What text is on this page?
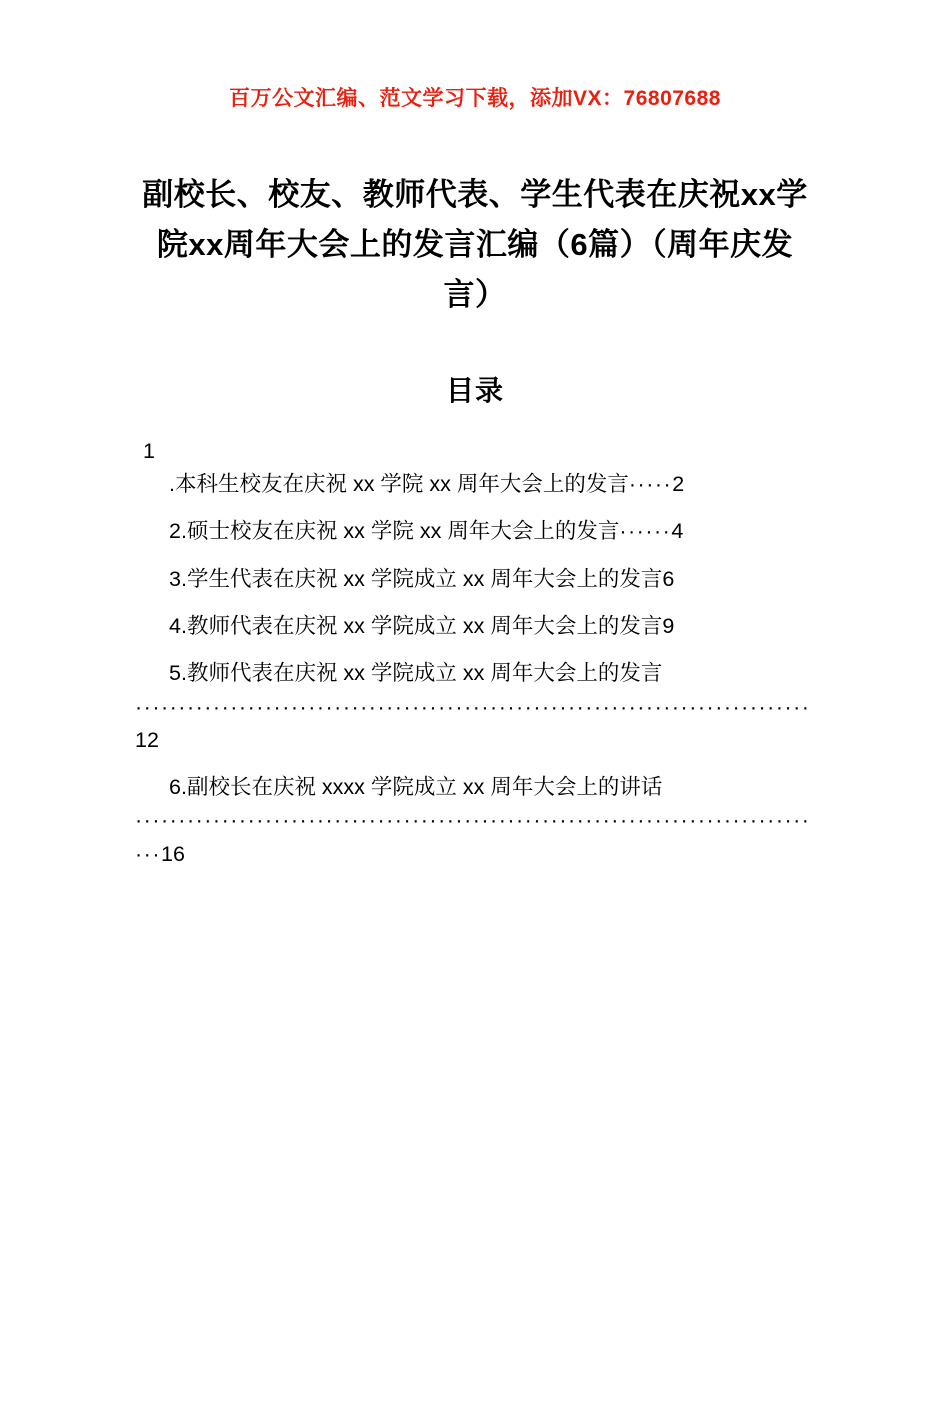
百万公文汇编、范文学习下载，添加VX：76807688
副校长、校友、教师代表、学生代表在庆祝xx学院xx周年大会上的发言汇编（6篇）（周年庆发言）
目录
1
.本科生校友在庆祝 xx 学院 xx 周年大会上的发言·····2
2.硕士校友在庆祝 xx 学院 xx 周年大会上的发言······4
3.学生代表在庆祝 xx 学院成立 xx 周年大会上的发言6
4.教师代表在庆祝 xx 学院成立 xx 周年大会上的发言9
5.教师代表在庆祝 xx 学院成立 xx 周年大会上的发言
··············································································12
6.副校长在庆祝 xxxx 学院成立 xx 周年大会上的讲话
·················································································16
